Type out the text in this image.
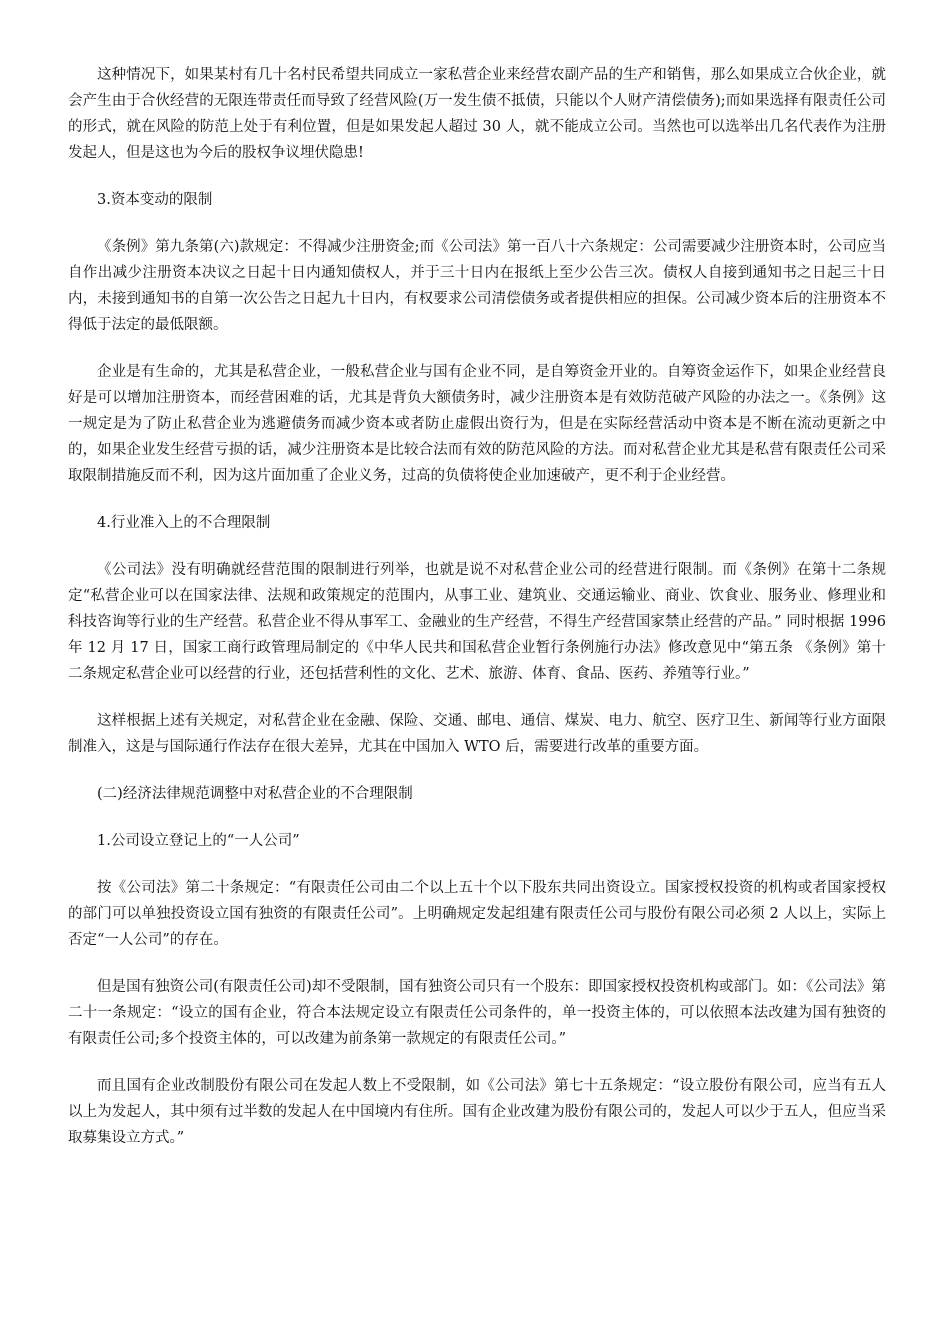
这种情况下，如果某村有几十名村民希望共同成立一家私营企业来经营农副产品的生产和销售，那么如果成立合伙企业，就会产生由于合伙经营的无限连带责任而导致了经营风险(万一发生债不抵债，只能以个人财产清偿债务);而如果选择有限责任公司的形式，就在风险的防范上处于有利位置，但是如果发起人超过 30 人，就不能成立公司。当然也可以选举出几名代表作为注册发起人，但是这也为今后的股权争议埋伏隐患!

3.资本变动的限制

《条例》第九条第(六)款规定：不得减少注册资金;而《公司法》第一百八十六条规定：公司需要减少注册资本时，公司应当自作出减少注册资本决议之日起十日内通知债权人，并于三十日内在报纸上至少公告三次。债权人自接到通知书之日起三十日内，未接到通知书的自第一次公告之日起九十日内，有权要求公司清偿债务或者提供相应的担保。公司减少资本后的注册资本不得低于法定的最低限额。

企业是有生命的，尤其是私营企业，一般私营企业与国有企业不同，是自筹资金开业的。自筹资金运作下，如果企业经营良好是可以增加注册资本，而经营困难的话，尤其是背负大额债务时，减少注册资本是有效防范破产风险的办法之一。《条例》这一规定是为了防止私营企业为逃避债务而减少资本或者防止虚假出资行为，但是在实际经营活动中资本是不断在流动更新之中的，如果企业发生经营亏损的话，减少注册资本是比较合法而有效的防范风险的方法。而对私营企业尤其是私营有限责任公司采取限制措施反而不利，因为这片面加重了企业义务，过高的负债将使企业加速破产，更不利于企业经营。

4.行业准入上的不合理限制

《公司法》没有明确就经营范围的限制进行列举，也就是说不对私营企业公司的经营进行限制。而《条例》在第十二条规定“私营企业可以在国家法律、法规和政策规定的范围内，从事工业、建筑业、交通运输业、商业、饮食业、服务业、修理业和科技咨询等行业的生产经营。私营企业不得从事军工、金融业的生产经营，不得生产经营国家禁止经营的产品。” 同时根据 1996 年 12 月 17 日，国家工商行政管理局制定的《中华人民共和国私营企业暂行条例施行办法》修改意见中“第五条 《条例》第十二条规定私营企业可以经营的行业，还包括营利性的文化、艺术、旅游、体育、食品、医药、养殖等行业。”

这样根据上述有关规定，对私营企业在金融、保险、交通、邮电、通信、煤炭、电力、航空、医疗卫生、新闻等行业方面限制准入，这是与国际通行作法存在很大差异，尤其在中国加入 WTO 后，需要进行改革的重要方面。

(二)经济法律规范调整中对私营企业的不合理限制

1.公司设立登记上的“一人公司”

按《公司法》第二十条规定：“有限责任公司由二个以上五十个以下股东共同出资设立。国家授权投资的机构或者国家授权的部门可以单独投资设立国有独资的有限责任公司”。上明确规定发起组建有限责任公司与股份有限公司必须 2 人以上，实际上否定“一人公司”的存在。

但是国有独资公司(有限责任公司)却不受限制，国有独资公司只有一个股东：即国家授权投资机构或部门。如：《公司法》第二十一条规定：“设立的国有企业，符合本法规定设立有限责任公司条件的，单一投资主体的，可以依照本法改建为国有独资的有限责任公司;多个投资主体的，可以改建为前条第一款规定的有限责任公司。”

而且国有企业改制股份有限公司在发起人数上不受限制，如《公司法》第七十五条规定：“设立股份有限公司，应当有五人以上为发起人，其中须有过半数的发起人在中国境内有住所。国有企业改建为股份有限公司的，发起人可以少于五人，但应当采取募集设立方式。”
